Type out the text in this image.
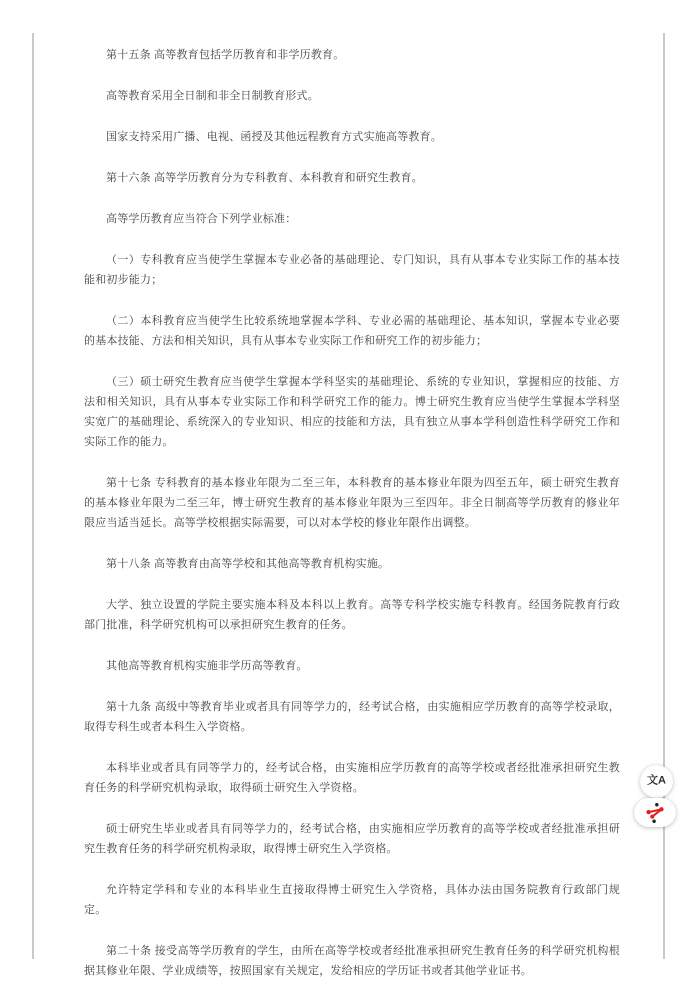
第十五条 高等教育包括学历教育和非学历教育。

高等教育采用全日制和非全日制教育形式。

国家支持采用广播、电视、函授及其他远程教育方式实施高等教育。

第十六条 高等学历教育分为专科教育、本科教育和研究生教育。

高等学历教育应当符合下列学业标准：

（一）专科教育应当使学生掌握本专业必备的基础理论、专门知识，具有从事本专业实际工作的基本技能和初步能力；

（二）本科教育应当使学生比较系统地掌握本学科、专业必需的基础理论、基本知识，掌握本专业必要的基本技能、方法和相关知识，具有从事本专业实际工作和研究工作的初步能力；

（三）硕士研究生教育应当使学生掌握本学科坚实的基础理论、系统的专业知识，掌握相应的技能、方法和相关知识，具有从事本专业实际工作和科学研究工作的能力。博士研究生教育应当使学生掌握本学科坚实宽广的基础理论、系统深入的专业知识、相应的技能和方法，具有独立从事本学科创造性科学研究工作和实际工作的能力。

第十七条 专科教育的基本修业年限为二至三年，本科教育的基本修业年限为四至五年，硕士研究生教育的基本修业年限为二至三年，博士研究生教育的基本修业年限为三至四年。非全日制高等学历教育的修业年限应当适当延长。高等学校根据实际需要，可以对本学校的修业年限作出调整。

第十八条 高等教育由高等学校和其他高等教育机构实施。

大学、独立设置的学院主要实施本科及本科以上教育。高等专科学校实施专科教育。经国务院教育行政部门批准，科学研究机构可以承担研究生教育的任务。

其他高等教育机构实施非学历高等教育。

第十九条 高级中等教育毕业或者具有同等学力的，经考试合格，由实施相应学历教育的高等学校录取，取得专科生或者本科生入学资格。

本科毕业或者具有同等学力的，经考试合格，由实施相应学历教育的高等学校或者经批准承担研究生教育任务的科学研究机构录取，取得硕士研究生入学资格。

硕士研究生毕业或者具有同等学力的，经考试合格，由实施相应学历教育的高等学校或者经批准承担研究生教育任务的科学研究机构录取，取得博士研究生入学资格。

允许特定学科和专业的本科毕业生直接取得博士研究生入学资格，具体办法由国务院教育行政部门规定。

第二十条 接受高等学历教育的学生，由所在高等学校或者经批准承担研究生教育任务的科学研究机构根据其修业年限、学业成绩等，按照国家有关规定，发给相应的学历证书或者其他学业证书。

文A
